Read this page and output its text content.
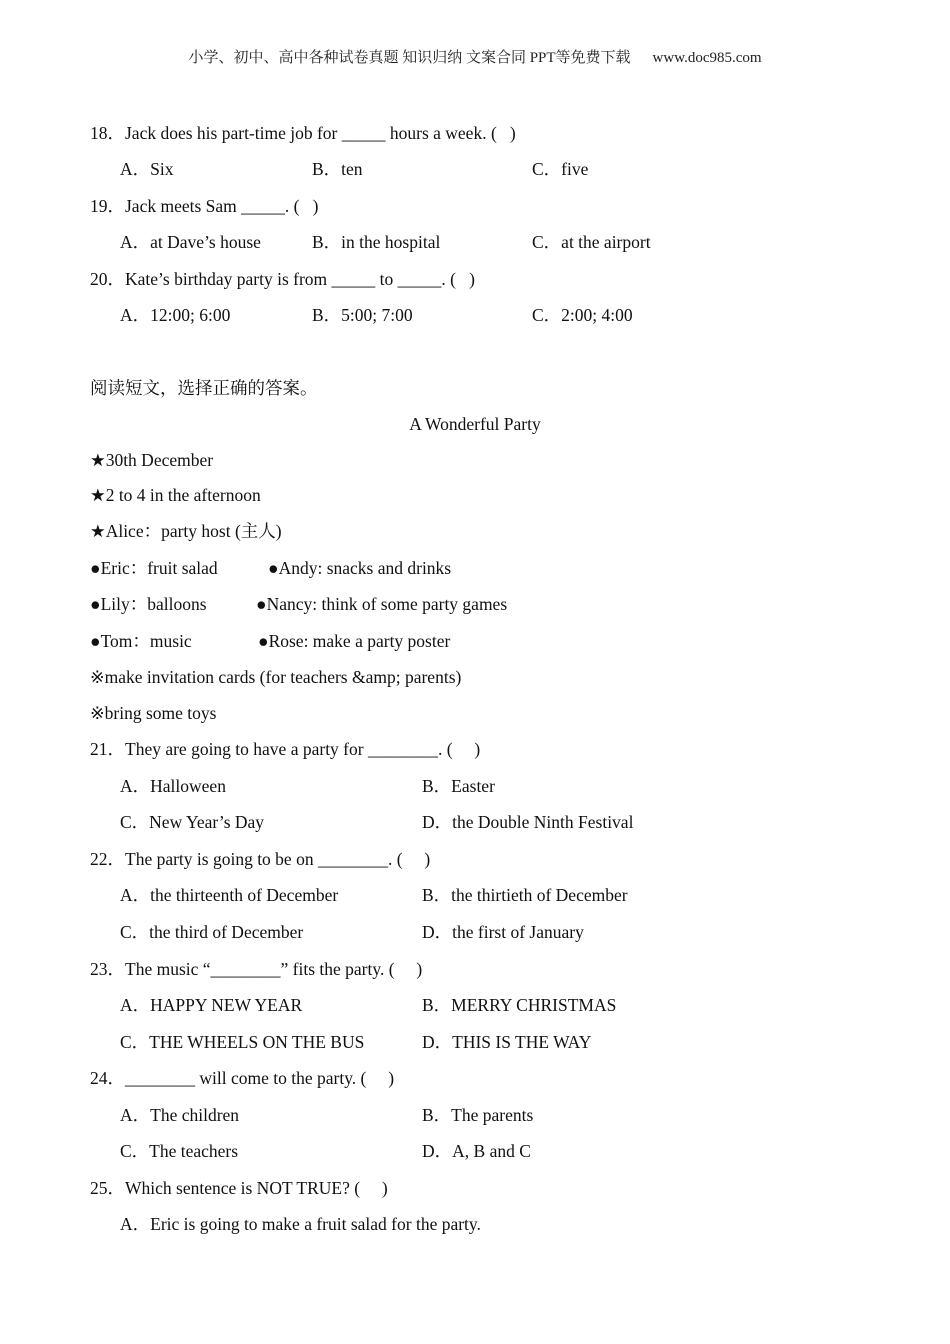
小学、初中、高中各种试卷真题 知识归纳 文案合同 PPT等免费下载 www.doc985.com
18．Jack does his part-time job for _____ hours a week. (   )
A．Six	B．ten	C．five
19．Jack meets Sam _____. (   )
A．at Dave’s house	B．in the hospital	C．at the airport
20．Kate’s birthday party is from _____ to _____. (   )
A．12:00; 6:00	B．5:00; 7:00	C．2:00; 4:00
阅读短文，选择正确的答案。
A Wonderful Party
★30th December
★2 to 4 in the afternoon
★Alice：party host (主人)
●Eric：fruit salad	●Andy: snacks and drinks
●Lily：balloons	●Nancy: think of some party games
●Tom：music	●Rose: make a party poster
※make invitation cards (for teachers &amp; parents)
※bring some toys
21．They are going to have a party for ________. (     )
A．Halloween	B．Easter
C．New Year’s Day	D．the Double Ninth Festival
22．The party is going to be on ________. (     )
A．the thirteenth of December	B．the thirtieth of December
C．the third of December	D．the first of January
23．The music “________” fits the party. (     )
A．HAPPY NEW YEAR	B．MERRY CHRISTMAS
C．THE WHEELS ON THE BUS	D．THIS IS THE WAY
24．________ will come to the party. (     )
A．The children	B．The parents
C．The teachers	D．A, B and C
25．Which sentence is NOT TRUE? (     )
A．Eric is going to make a fruit salad for the party.
